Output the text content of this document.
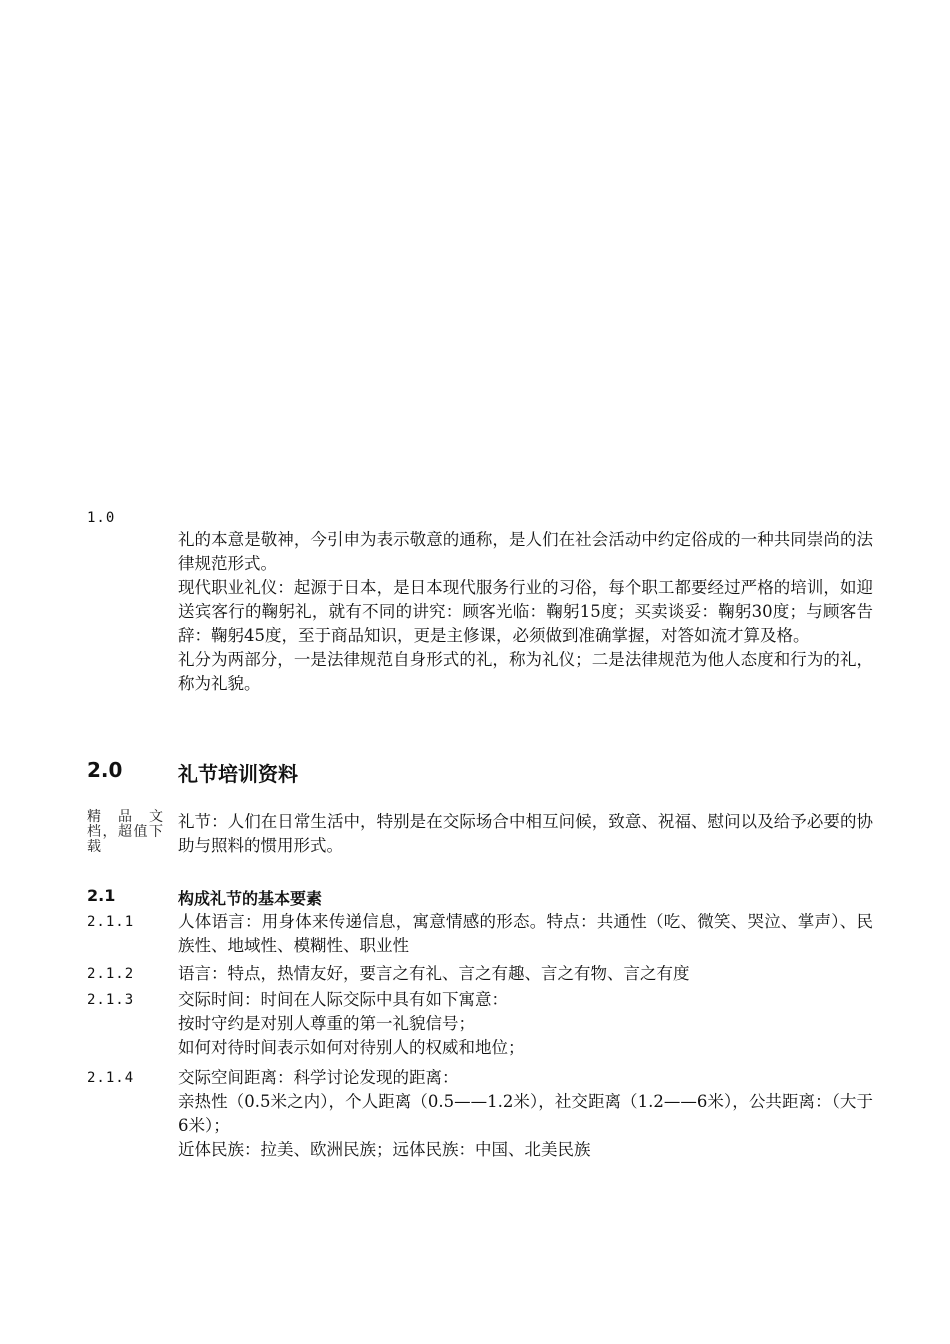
1.0

礼的本意是敬神，今引申为表示敬意的通称，是人们在社会活动中约定俗成的一种共同崇尚的法律规范形式。

现代职业礼仪：起源于日本，是日本现代服务行业的习俗，每个职工都要经过严格的培训，如迎送宾客行的鞠躬礼，就有不同的讲究：顾客光临：鞠躬15度；买卖谈妥：鞠躬30度；与顾客告辞：鞠躬45度，至于商品知识，更是主修课，必须做到准确掌握，对答如流才算及格。

礼分为两部分，一是法律规范自身形式的礼，称为礼仪；二是法律规范为他人态度和行为的礼，称为礼貌。

2.0	礼节培训资料
精 品 文 档，超值下载

礼节：人们在日常生活中，特别是在交际场合中相互问候，致意、祝福、慰问以及给予必要的协助与照料的惯用形式。

2.1	构成礼节的基本要素
2.1.1	人体语言：用身体来传递信息，寓意情感的形态。特点：共通性（吃、微笑、哭泣、掌声）、民族性、地域性、模糊性、职业性

2.1.2	语言：特点，热情友好，要言之有礼、言之有趣、言之有物、言之有度

2.1.3	交际时间：时间在人际交际中具有如下寓意：

按时守约是对别人尊重的第一礼貌信号；

如何对待时间表示如何对待别人的权威和地位；

2.1.4	交际空间距离：科学讨论发现的距离：

亲热性（0.5米之内），个人距离（0.5——1.2米），社交距离（1.2——6米），公共距离：（大于6米）；

近体民族：拉美、欧洲民族；远体民族：中国、北美民族
